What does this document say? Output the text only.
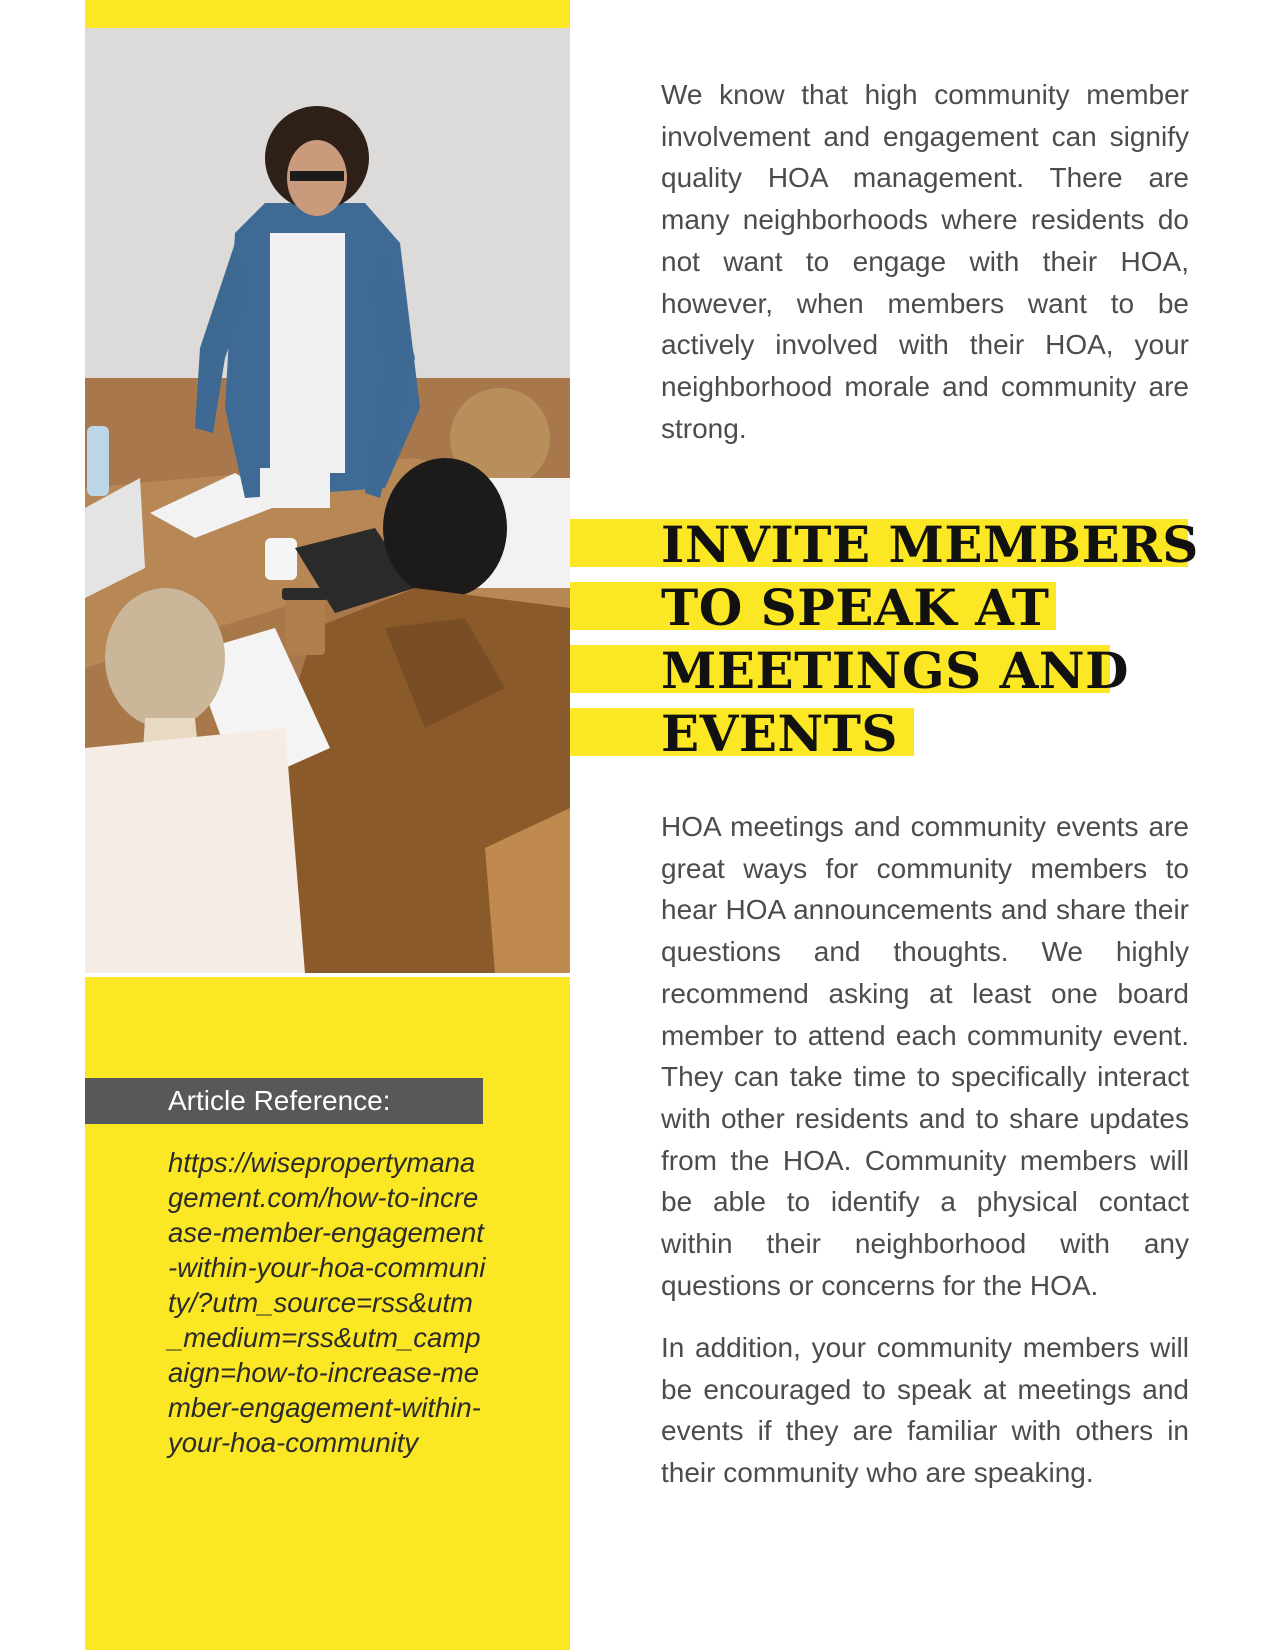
Article Reference:

https://wisepropertymanagement.com/how-to-increase-member-engagement-within-your-hoa-community/?utm_source=rss&utm_medium=rss&utm_campaign=how-to-increase-member-engagement-within-your-hoa-community

We know that high community member involvement and engagement can signify quality HOA management. There are many neighborhoods where residents do not want to engage with their HOA, however, when members want to be actively involved with their HOA, your neighborhood morale and community are strong.

INVITE MEMBERS
TO SPEAK AT
MEETINGS AND
EVENTS

HOA meetings and community events are great ways for community members to hear HOA announcements and share their questions and thoughts. We highly recommend asking at least one board member to attend each community event. They can take time to specifically interact with other residents and to share updates from the HOA. Community members will be able to identify a physical contact within their neighborhood with any questions or concerns for the HOA.

In addition, your community members will be encouraged to speak at meetings and events if they are familiar with others in their community who are speaking.
